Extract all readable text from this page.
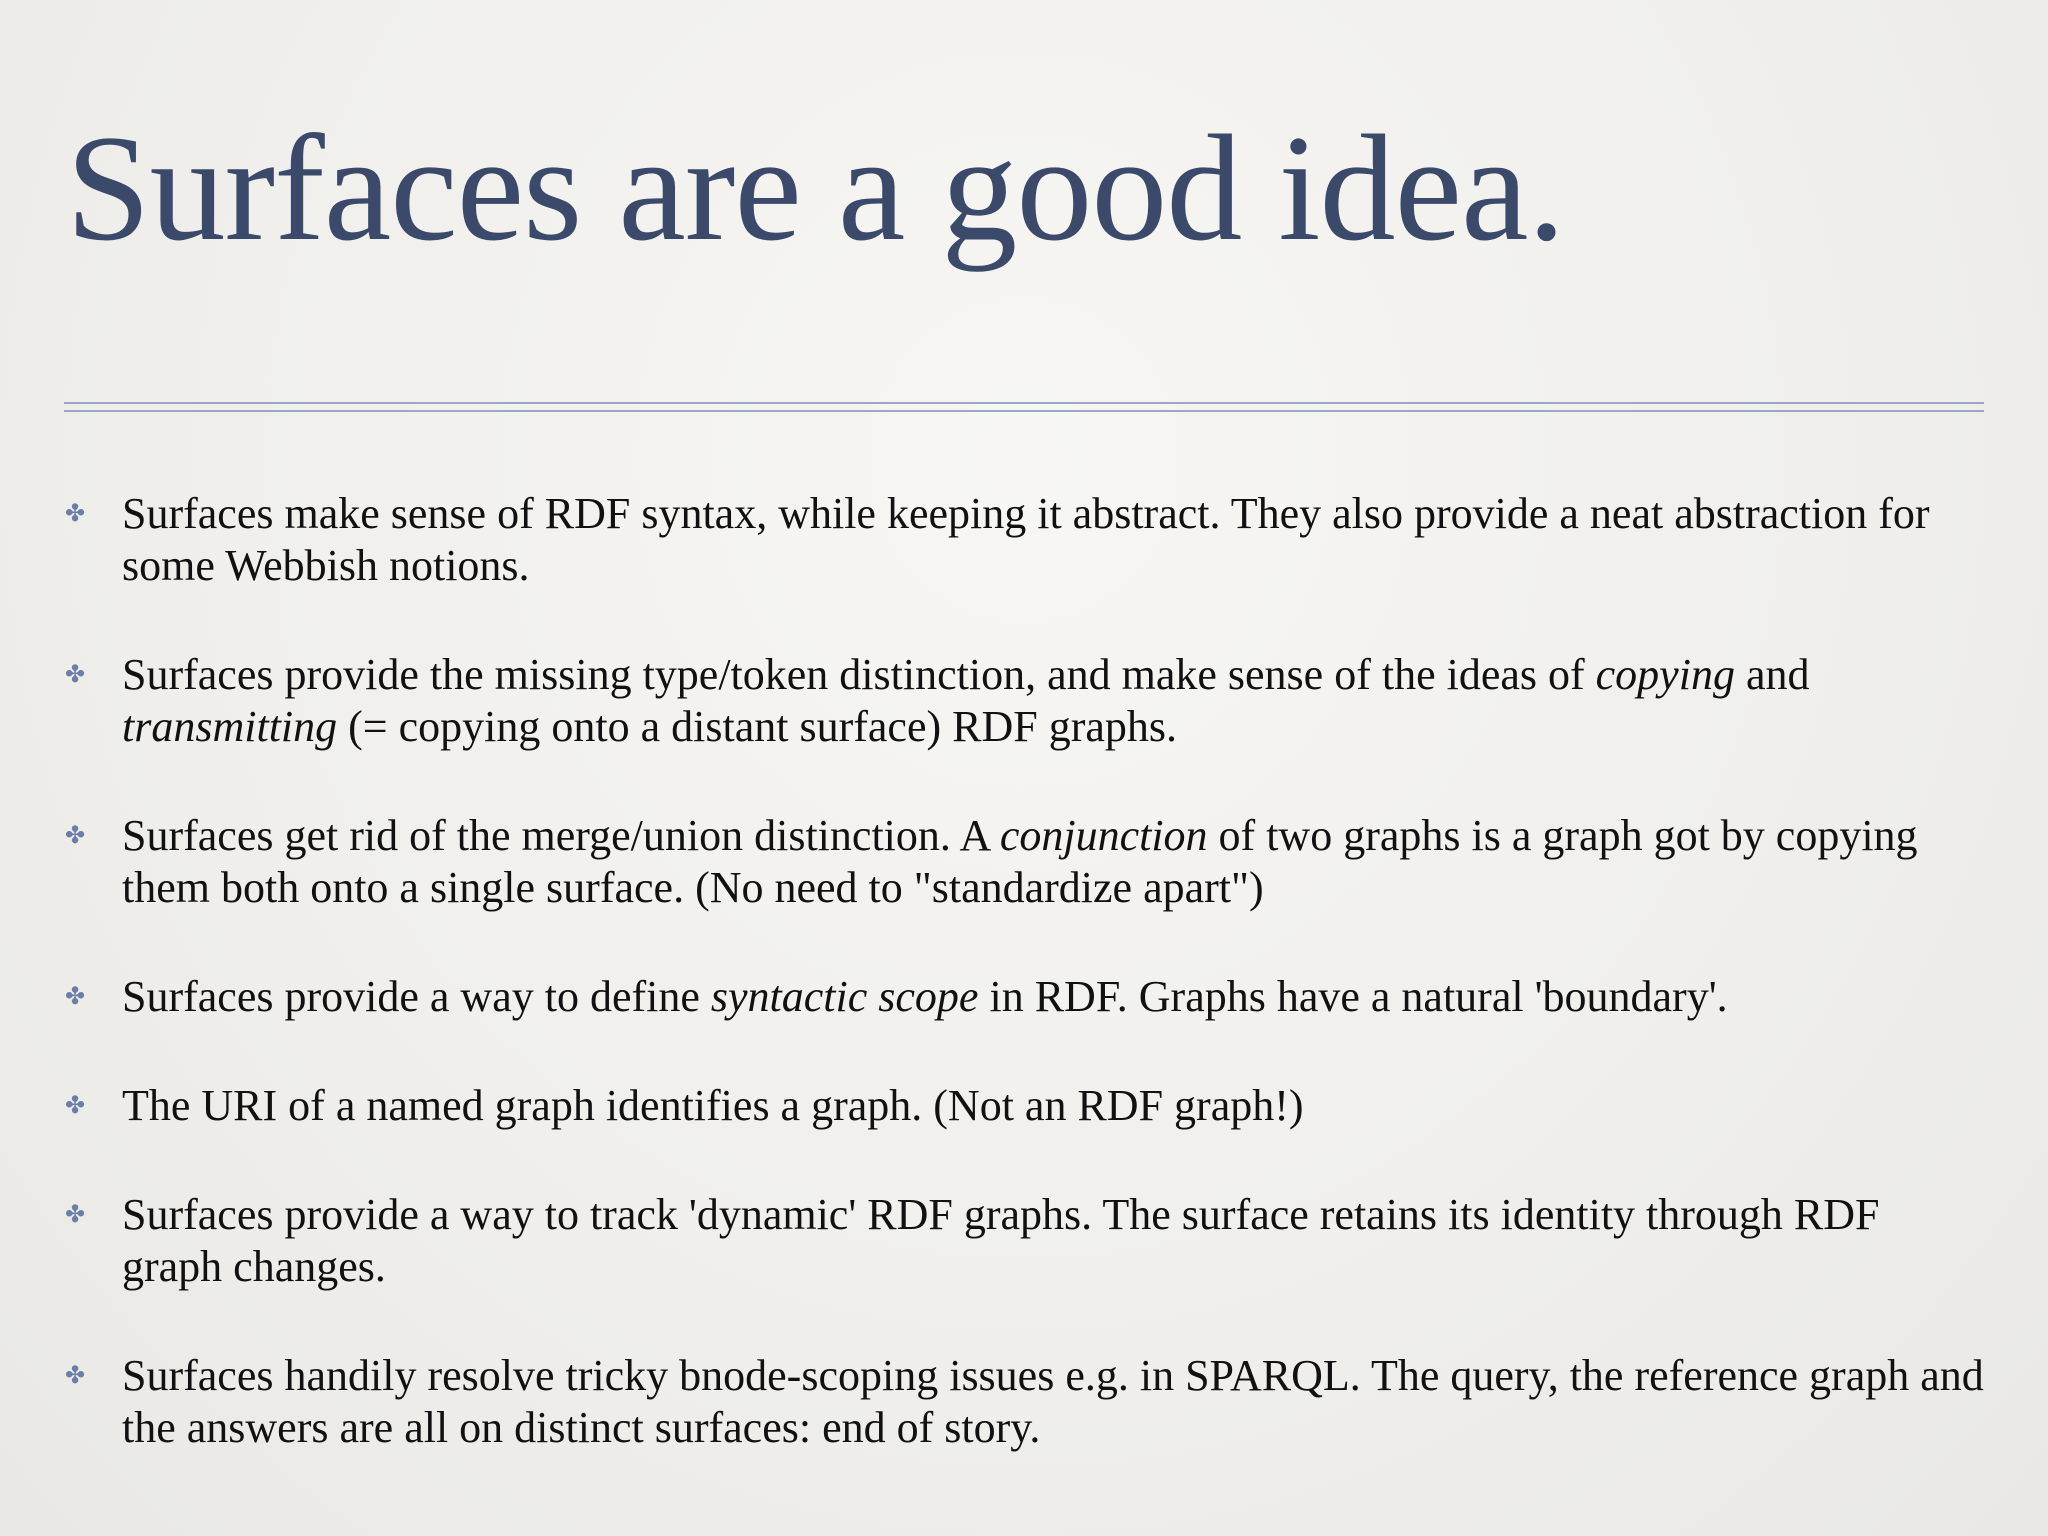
Surfaces are a good idea.
✤ Surfaces make sense of RDF syntax, while keeping it abstract. They also provide a neat abstraction for some Webbish notions.
✤ Surfaces provide the missing type/token distinction, and make sense of the ideas of copying and transmitting (= copying onto a distant surface) RDF graphs.
✤ Surfaces get rid of the merge/union distinction. A conjunction of two graphs is a graph got by copying them both onto a single surface. (No need to "standardize apart")
✤ Surfaces provide a way to define syntactic scope in RDF. Graphs have a natural 'boundary'.
✤ The URI of a named graph identifies a graph. (Not an RDF graph!)
✤ Surfaces provide a way to track 'dynamic' RDF graphs. The surface retains its identity through RDF graph changes.
✤ Surfaces handily resolve tricky bnode-scoping issues e.g. in SPARQL. The query, the reference graph and the answers are all on distinct surfaces: end of story.
